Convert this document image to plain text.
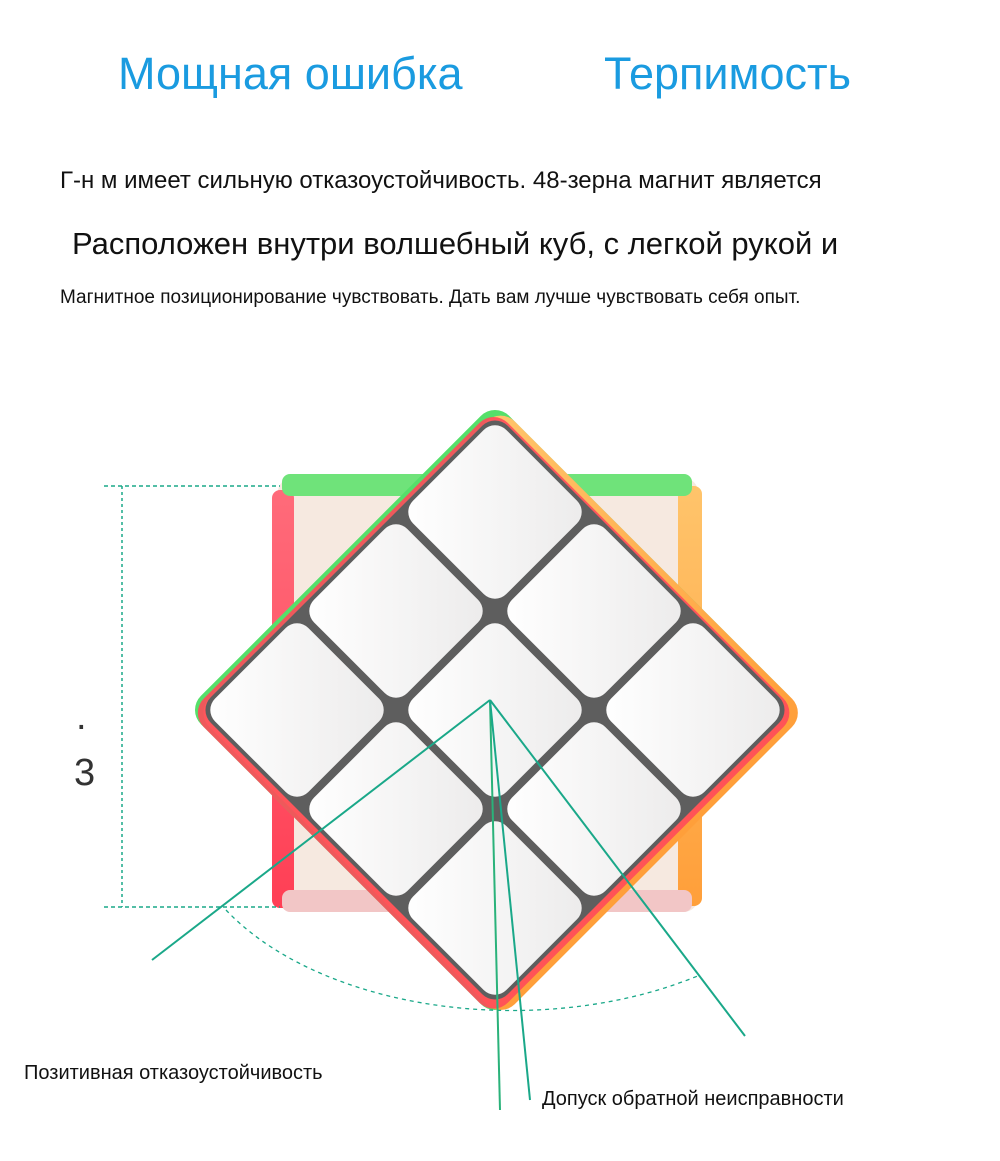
Мощная ошибка	Терпимость
Г-н м имеет сильную отказоустойчивость. 48-зерна магнит является
Расположен внутри волшебный куб, с легкой рукой и
Магнитное позиционирование чувствовать. Дать вам лучше чувствовать себя опыт.
.
3
Позитивная отказоустойчивость
Допуск обратной неисправности
